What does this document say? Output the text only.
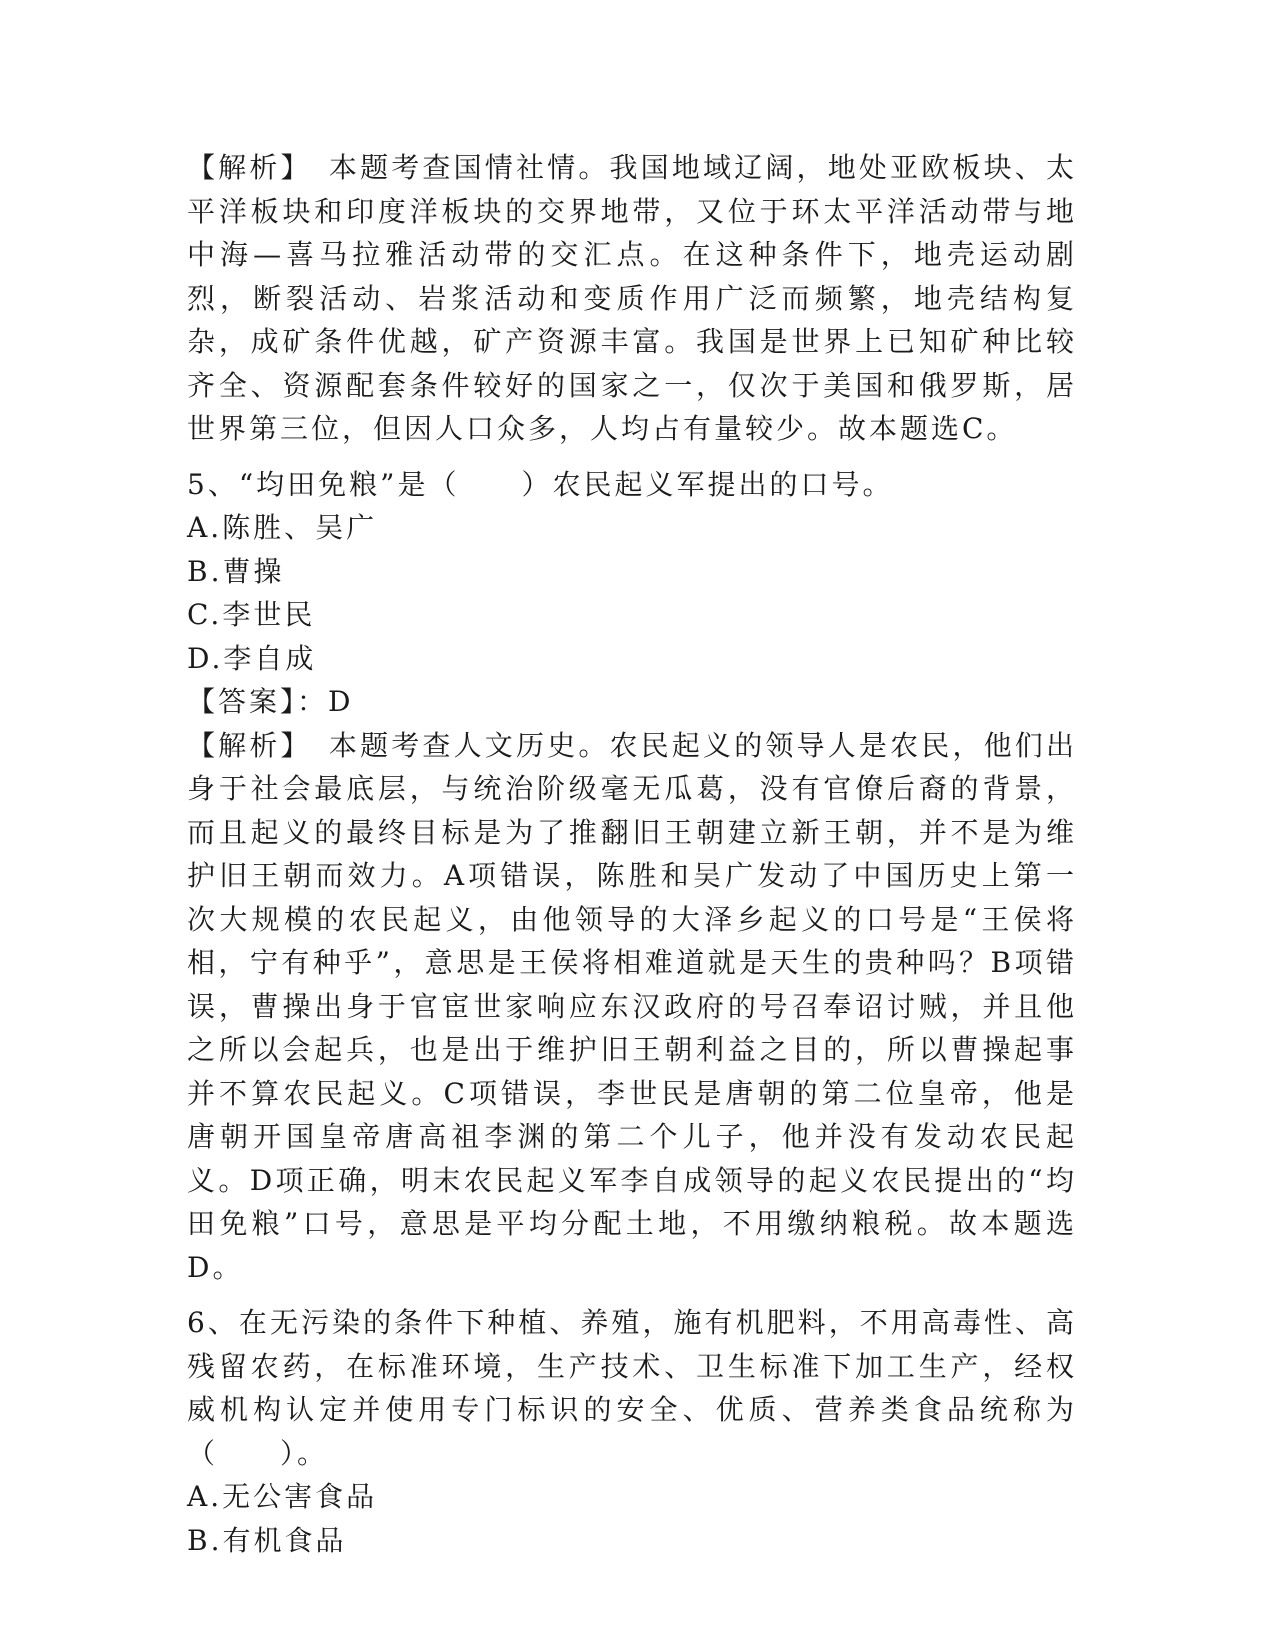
【解析】　 本题考查国情社情。我国地域辽阔，地处亚欧板块、太平洋板块和印度洋板块的交界地带，又位于环太平洋活动带与地中海—喜马拉雅活动带的交汇点。在这种条件下，地壳运动剧烈，断裂活动、岩浆活动和变质作用广泛而频繁，地壳结构复杂，成矿条件优越，矿产资源丰富。我国是世界上已知矿种比较齐全、资源配套条件较好的国家之一，仅次于美国和俄罗斯，居世界第三位，但因人口众多，人均占有量较少。故本题选C。

5、“均田免粮”是（　　）农民起义军提出的口号。

A.陈胜、吴广

B.曹操

C.李世民

D.李自成

【答案】：D

【解析】　 本题考查人文历史。农民起义的领导人是农民，他们出身于社会最底层，与统治阶级毫无瓜葛，没有官僚后裔的背景，而且起义的最终目标是为了推翻旧王朝建立新王朝，并不是为维护旧王朝而效力。A项错误，陈胜和吴广发动了中国历史上第一次大规模的农民起义，由他领导的大泽乡起义的口号是“王侯将相，宁有种乎”，意思是王侯将相难道就是天生的贵种吗？B项错误，曹操出身于官宦世家响应东汉政府的号召奉诏讨贼，并且他之所以会起兵，也是出于维护旧王朝利益之目的，所以曹操起事并不算农民起义。C项错误，李世民是唐朝的第二位皇帝，他是唐朝开国皇帝唐高祖李渊的第二个儿子，他并没有发动农民起义。D项正确，明末农民起义军李自成领导的起义农民提出的“均田免粮”口号，意思是平均分配土地，不用缴纳粮税。故本题选D。

6、在无污染的条件下种植、养殖，施有机肥料，不用高毒性、高残留农药，在标准环境，生产技术、卫生标准下加工生产，经权威机构认定并使用专门标识的安全、优质、营养类食品统称为（　　）。

A.无公害食品

B.有机食品
